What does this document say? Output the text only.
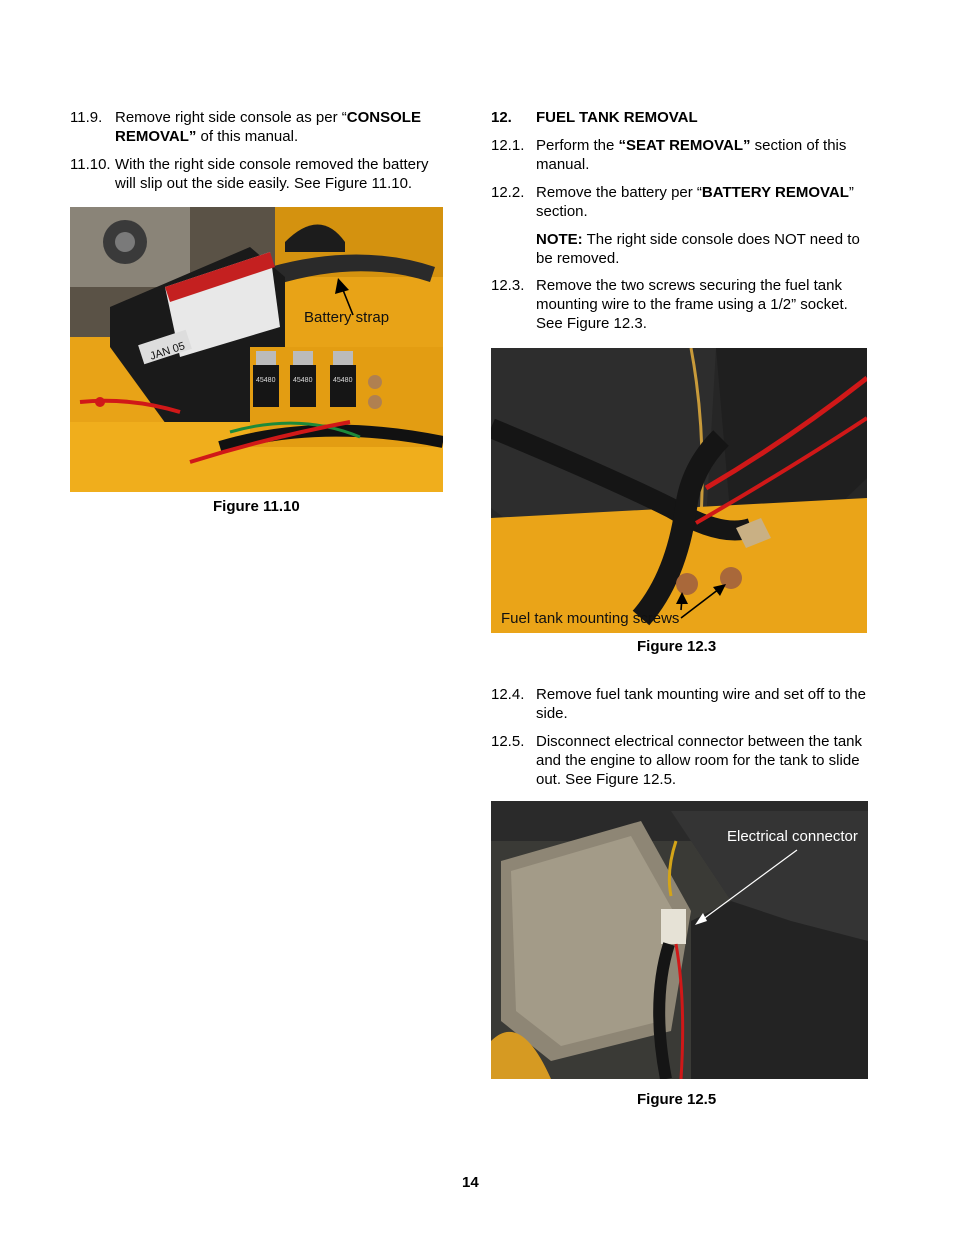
11.9. Remove right side console as per “CONSOLE REMOVAL” of this manual.
11.10. With the right side console removed the battery will slip out the side easily. See Figure 11.10.
JAN 05
45480	45480	45480
Battery strap
Figure 11.10
12. FUEL TANK REMOVAL
12.1. Perform the “SEAT REMOVAL” section of this manual.
12.2. Remove the battery per “BATTERY REMOVAL” section.
NOTE: The right side console does NOT need to be removed.
12.3. Remove the two screws securing the fuel tank mounting wire to the frame using a 1/2” socket. See Figure 12.3.
Fuel tank mounting screws
Figure 12.3
12.4. Remove fuel tank mounting wire and set off to the side.
12.5. Disconnect electrical connector between the tank and the engine to allow room for the tank to slide out. See Figure 12.5.
Electrical connector
Figure 12.5
14
